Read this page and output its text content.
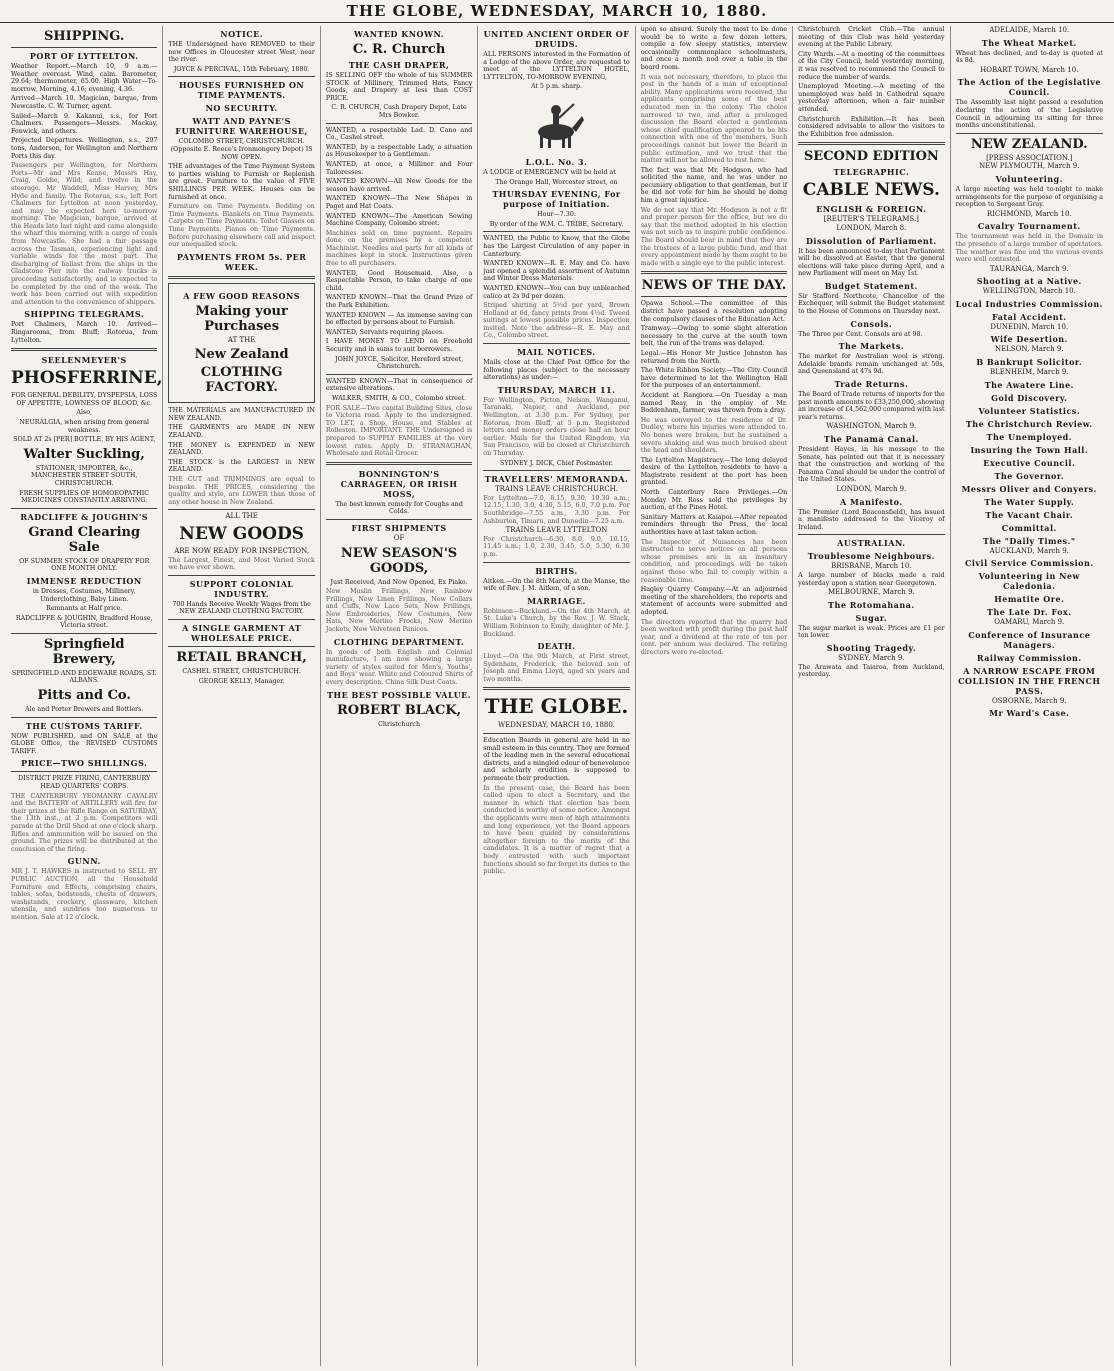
THE GLOBE, WEDNESDAY, MARCH 10, 1880.
SHIPPING.
PORT OF LYTTELTON.

Weather Report.—March 10, 9 a.m.—Weather overcast. Wind, calm. Barometer, 29.64; thermometer, 65.00. High Water—To-morrow, Morning, 4.16; evening, 4.36.

Arrived—March 10. Magician, barque, from Newcastle. C. W. Turner, agent.

Sailed—March 9. Kakanui, s.s., for Port Chalmers. Passengers—Messrs. Mackay, Fenwick, and others.

Projected Departures. Wellington, s.s., 297 tons, Anderson, for Wellington and Northern Ports this day.

Passengers per Wellington, for Northern Ports—Mr and Mrs Keane, Messrs Hay, Craig, Goldie, Wild; and twelve in the steerage. Mr Waddell, Miss Harvey, Mrs Hyde and family. The Rotorua, s.s., left Port Chalmers for Lyttelton at noon yesterday, and may be expected here to-morrow morning. The Magician, barque, arrived at the Heads late last night and came alongside the wharf this morning with a cargo of coals from Newcastle. She had a fair passage across the Tasman, experiencing light and variable winds for the most part. The discharging of ballast from the ships in the Gladstone Pier into the railway trucks is proceeding satisfactorily, and is expected to be completed by the end of the week. The work has been carried out with expedition and attention to the convenience of shippers.

SHIPPING TELEGRAMS.

Port Chalmers, March 10. Arrived—Ringarooma, from Bluff; Rotorua, from Lyttelton.

SEELENMEYER'S
PHOSFERRINE,

FOR GENERAL DEBILITY, DYSPEPSIA, LOSS OF APPETITE, LOWNESS OF BLOOD, &c.

Also,

NEURALGIA, when arising from general weakness.

SOLD AT 2s [PER] BOTTLE, BY HIS AGENT,

Walter Suckling,

STATIONER, IMPORTER, &c., MANCHESTER STREET SOUTH, CHRISTCHURCH.

FRESH SUPPLIES OF HOMOEOPATHIC MEDICINES CONSTANTLY ARRIVING.

RADCLIFFE & JOUGHIN'S
Grand Clearing Sale

OF SUMMER STOCK OF DRAPERY FOR ONE MONTH ONLY.

IMMENSE REDUCTION

in Dresses, Costumes, Millinery, Underclothing, Baby Linen.

Remnants at Half price.

RADCLIFFE & JOUGHIN, Bradford House, Victoria street.

Springfield Brewery,

SPRINGFIELD AND EDGEWARE ROADS, ST. ALBANS.

Pitts and Co.

Ale and Porter Brewers and Bottlers.

THE CUSTOMS TARIFF.

NOW PUBLISHED, and ON SALE at the GLOBE Office, the REVISED CUSTOMS TARIFF.

PRICE—TWO SHILLINGS.

DISTRICT PRIZE FIRING, CANTERBURY HEAD QUARTERS' CORPS.

THE CANTERBURY YEOMANRY CAVALRY and the BATTERY of ARTILLERY will fire for their prizes at the Rifle Range on SATURDAY, the 13th inst., at 2 p.m. Competitors will parade at the Drill Shed at one o'clock sharp. Rifles and ammunition will be issued on the ground. The prizes will be distributed at the conclusion of the firing.

GUNN.

MR J. T. HAWKES is instructed to SELL BY PUBLIC AUCTION, all the Household Furniture and Effects, comprising chairs, tables, sofas, bedsteads, chests of drawers, washstands, crockery, glassware, kitchen utensils, and sundries too numerous to mention. Sale at 12 o'clock.

NOTICE.

THE Undersigned have REMOVED to their new Offices in Gloucester street West, near the river.

JOYCE & PERCIVAL, 15th February, 1880.

HOUSES FURNISHED ON TIME PAYMENTS.
NO SECURITY.
WATT AND PAYNE'S FURNITURE WAREHOUSE,

COLOMBO STREET, CHRISTCHURCH. (Opposite E. Reece's Ironmongery Depot) IS NOW OPEN.

THE advantages of the Time Payment System to parties wishing to Furnish or Replenish are great. Furniture to the value of FIVE SHILLINGS PER WEEK. Houses can be furnished at once.

Furniture on Time Payments. Bedding on Time Payments. Blankets on Time Payments. Carpets on Time Payments. Toilet Glasses on Time Payments. Pianos on Time Payments. Before purchasing elsewhere call and inspect our unequalled stock.

PAYMENTS FROM 5s. PER WEEK.
A FEW GOOD REASONS
Making your Purchases
AT THE
New Zealand
CLOTHING FACTORY.

THE MATERIALS are MANUFACTURED IN NEW ZEALAND.

THE GARMENTS are MADE IN NEW ZEALAND.

THE MONEY is EXPENDED in NEW ZEALAND.

THE STOCK is the LARGEST in NEW ZEALAND.

THE CUT and TRIMMINGS are equal to bespoke. THE PRICES, considering the quality and style, are LOWER than those of any other house in New Zealand.

ALL THE
NEW GOODS
ARE NOW READY FOR INSPECTION,

The Largest, Finest, and Most Varied Stock we have ever shown.

SUPPORT COLONIAL INDUSTRY.

700 Hands Receive Weekly Wages from the NEW ZEALAND CLOTHING FACTORY.

A SINGLE GARMENT AT WHOLESALE PRICE.
RETAIL BRANCH,

CASHEL STREET, CHRISTCHURCH.

GEORGE KELLY, Manager.

WANTED KNOWN.
C. R. Church
THE CASH DRAPER,

IS SELLING OFF the whole of his SUMMER STOCK of Millinery, Trimmed Hats, Fancy Goods, and Drapery at less than COST PRICE.

C. R. CHURCH, Cash Drapery Depot, Late Mrs Bowker.

WANTED, a respectable Lad. D. Cano and Co., Cashel street.

WANTED, by a respectable Lady, a situation as Housekeeper to a Gentleman.

WANTED, at once, a Milliner and Four Tailoresses.

WANTED KNOWN—All New Goods for the season have arrived.

WANTED KNOWN—The New Shapes in Paget and Hat Coats.

WANTED KNOWN—The American Sewing Machine Company, Colombo street.

Machines sold on time payment. Repairs done on the premises by a competent Machinist. Needles and parts for all kinds of machines kept in stock. Instructions given free to all purchasers.

WANTED, Good Housemaid. Also, a Respectable Person, to take charge of one child.

WANTED KNOWN—That the Grand Prize of the Park Exhibition.

WANTED KNOWN — An immense saving can be effected by persons about to Furnish.

WANTED, Servants requiring places.

I HAVE MONEY TO LEND on Freehold Security and in sums to suit borrowers.

JOHN JOYCE, Solicitor, Hereford street, Christchurch.

WANTED KNOWN—That in consequence of extensive alterations.

WALKER, SMITH, & CO., Colombo street.

FOR SALE—Two capital Building Sites, close to Victoria road. Apply to the undersigned. TO LET, a Shop, House, and Stables at Rolleston. IMPORTANT. THE Undersigned is prepared to SUPPLY FAMILIES at the very lowest rates. Apply D. STRANAGHAN, Wholesale and Retail Grocer.

BONNINGTON'S CARRAGEEN, OR IRISH MOSS,

The best known remedy for Coughs and Colds.

FIRST SHIPMENTS
OF
NEW SEASON'S GOODS,

Just Received, And Now Opened, Ex Piako.

New Muslin Frillings, New Rainbow Frillings, New Linen Frillings, New Collars and Cuffs, New Lace Sets, New Frillings, New Embroideries, New Costumes, New Hats, New Merino Frocks, New Merino Jackets, New Velveteen Panicos.

CLOTHING DEPARTMENT.

In goods of both English and Colonial manufacture, I am now showing a large variety of styles suited for Men's, Youths', and Boys' wear. White and Coloured Shirts of every description. China Silk Dust Coats.

THE BEST POSSIBLE VALUE.
ROBERT BLACK,

Christchurch

UNITED ANCIENT ORDER OF DRUIDS.

ALL PERSONS interested in the Formation of a Lodge of the above Order, are requested to meet at the LYTTELTON HOTEL, LYTTELTON, TO-MORROW EVENING,

At 5 p.m. sharp.

L.O.L. No. 3.

A LODGE of EMERGENCY will be held at

The Orange Hall, Worcester street, on

THURSDAY EVENING, For purpose of Initiation.

Hour—7.30.

By order of the W.M. C. TRIBE, Secretary.

WANTED, the Public to Know, that the Globe has the Largest Circulation of any paper in Canterbury.

WANTED KNOWN—R. E. May and Co. have just opened a splendid assortment of Autumn and Winter Dress Materials.

WANTED KNOWN—You can buy unbleached calico at 2s 9d per dozen.

Striped shirting at 5½d per yard, Brown Holland at 6d, fancy prints from 4½d. Tweed suitings at lowest possible prices. Inspection invited. Note the address—R. E. May and Co., Colombo street.

MAIL NOTICES.

Mails close at the Chief Post Office for the following places (subject to the necessary alterations) as under:—

THURSDAY, MARCH 11.

For Wellington, Picton, Nelson, Wanganui, Taranaki, Napier, and Auckland, per Wellington, at 3.30 p.m. For Sydney, per Rotorua, from Bluff, at 5 p.m. Registered letters and money orders close half an hour earlier. Mails for the United Kingdom, via San Francisco, will be closed at Christchurch on Thursday.

SYDNEY J. DICK, Chief Postmaster.

TRAVELLERS' MEMORANDA.
TRAINS LEAVE CHRISTCHURCH.

For Lyttelton—7.0, 8.15, 9.30, 10.30 a.m.; 12.15, 1.30, 3.0, 4.30, 5.15, 6.0, 7.0 p.m. For Southbridge—7.55 a.m., 3.30 p.m. For Ashburton, Timaru, and Dunedin—7.25 a.m.

TRAINS LEAVE LYTTELTON

For Christchurch—6.30, 8.0, 9.0, 10.15, 11.45 a.m.; 1.0, 2.30, 3.45, 5.0, 5.30, 6.30 p.m.

BIRTHS.

Aitken.—On the 8th March, at the Manse, the wife of Rev. J. M. Aitken, of a son.

MARRIAGE.

Robinson—Buckland.—On the 4th March, at St. Luke's Church, by the Rev. J. W. Stack, William Robinson to Emily, daughter of Mr. J. Buckland.

DEATH.

Lloyd.—On the 9th March, at First street, Sydenham, Frederick, the beloved son of Joseph and Emma Lloyd, aged six years and two months.

THE GLOBE.
WEDNESDAY, MARCH 10, 1880.

Education Boards in general are held in no small esteem in this country. They are formed of the leading men in the several educational districts, and a mingled odour of benevolence and scholarly erudition is supposed to permeate their production.

In the present case, the Board has been called upon to elect a Secretary, and the manner in which that election has been conducted is worthy of some notice. Amongst the applicants were men of high attainments and long experience, yet the Board appears to have been guided by considerations altogether foreign to the merits of the candidates. It is a matter of regret that a body entrusted with such important functions should so far forget its duties to the public.

upon so absurd. Surely the most to be done would be to write a few dozen letters, compile a few sleepy statistics, interview occasionally commonplace schoolmasters, and once a month nod over a table in the board room.

It was not necessary, therefore, to place the post in the hands of a man of exceptional ability. Many applications were received, the applicants comprising some of the best educated men in the colony. The choice narrowed to two, and after a prolonged discussion the Board elected a gentleman whose chief qualification appeared to be his connection with one of the members. Such proceedings cannot but lower the Board in public estimation, and we trust that the matter will not be allowed to rest here.

The fact was that Mr. Hodgson, who had solicited the name, and he was under no pecuniary obligation to that gentleman, but if he did not vote for him he should be doing him a great injustice.

We do not say that Mr. Hodgson is not a fit and proper person for the office, but we do say that the method adopted in his election was not such as to inspire public confidence. The Board should bear in mind that they are the trustees of a large public fund, and that every appointment made by them ought to be made with a single eye to the public interest.

NEWS OF THE DAY.

Opawa School.—The committee of this district have passed a resolution adopting the compulsory clauses of the Education Act.

Tramway.—Owing to some slight alteration necessary to the curve at the south town belt, the run of the trams was delayed.

Legal.—His Honor Mr Justice Johnston has returned from the North.

The White Ribbon Society.—The City Council have determined to let the Wellington Hall for the purposes of an entertainment.

Accident at Rangiora.—On Tuesday a man named Reay, in the employ of Mr. Boddenham, farmer, was thrown from a dray.

He was conveyed to the residence of Dr. Dudley, where his injuries were attended to. No bones were broken, but he sustained a severe shaking and was much bruised about the head and shoulders.

The Lyttelton Magistracy.—The long delayed desire of the Lyttelton residents to have a Magistrate resident at the port has been granted.

North Canterbury Race Privileges.—On Monday Mr. Ross sold the privileges by auction, at the Pines Hotel.

Sanitary Matters at Kaiapoi.—After repeated reminders through the Press, the local authorities have at last taken action.

The Inspector of Nuisances has been instructed to serve notices on all persons whose premises are in an insanitary condition, and proceedings will be taken against those who fail to comply within a reasonable time.

Hagley Quarry Company.—At an adjourned meeting of the shareholders, the reports and statement of accounts were submitted and adopted.

The directors reported that the quarry had been worked with profit during the past half year, and a dividend at the rate of ten per cent. per annum was declared. The retiring directors were re-elected.

Christchurch Cricket Club.—The annual meeting of this Club was held yesterday evening at the Public Library.

City Wards.—At a meeting of the committees of the City Council, held yesterday morning, it was resolved to recommend the Council to reduce the number of wards.

Unemployed Meeting.—A meeting of the unemployed was held in Cathedral square yesterday afternoon, when a fair number attended.

Christchurch Exhibition.—It has been considered advisable to allow the visitors to the Exhibition free admission.

SECOND EDITION
TELEGRAPHIC.
CABLE NEWS.
ENGLISH & FOREIGN.
[REUTER'S TELEGRAMS.]
LONDON, March 8.
Dissolution of Parliament.

It has been announced to-day that Parliament will be dissolved at Easter, that the general elections will take place during April, and a new Parliament will meet on May 1st.

Budget Statement.

Sir Stafford Northcote, Chancellor of the Exchequer, will submit the Budget statement to the House of Commons on Thursday next.

Consols.

The Three per Cent. Consols are at 98.

The Markets.

The market for Australian wool is strong. Adelaide brands remain unchanged at 50s, and Queensland at 47s 9d.

Trade Returns.

The Board of Trade returns of imports for the past month amounts to £33,250,000, showing an increase of £4,562,000 compared with last year's returns.

WASHINGTON, March 9.
The Panama Canal.

President Hayes, in his message to the Senate, has pointed out that it is necessary that the construction and working of the Panama Canal should be under the control of the United States.

LONDON, March 9.
A Manifesto.

The Premier (Lord Beaconsfield), has issued a manifesto addressed to the Viceroy of Ireland.

AUSTRALIAN.
Troublesome Neighbours.
BRISBANE, March 10.

A large number of blacks made a raid yesterday upon a station near Georgetown.

MELBOURNE, March 9.
The Rotomahana.
Sugar.

The sugar market is weak. Prices are £1 per ton lower.

Shooting Tragedy.
SYDNEY, March 9.

The Arawata and Taiaroa, from Auckland, yesterday.

ADELAIDE, March 10.
The Wheat Market.

Wheat has declined, and to-day is quoted at 4s 8d.

HOBART TOWN, March 10.
The Action of the Legislative Council.

The Assembly last night passed a resolution declaring the action of the Legislative Council in adjourning its sitting for three months unconstitutional.

NEW ZEALAND.
[PRESS ASSOCIATION.]
NEW PLYMOUTH, March 9.
Volunteering.

A large meeting was held to-night to make arrangements for the purpose of organising a reception to Sergeant Gray.

RICHMOND, March 10.
Cavalry Tournament.

The tournament was held in the Domain in the presence of a large number of spectators. The weather was fine and the various events were well contested.

TAURANGA, March 9.
Shooting at a Native.
WELLINGTON, March 10.
Local Industries Commission.
Fatal Accident.
DUNEDIN, March 10.
Wife Desertion.
NELSON, March 9.
B Bankrupt Solicitor.
BLENHEIM, March 9.
The Awatere Line.
Gold Discovery.
Volunteer Statistics.
The Christchurch Review.
The Unemployed.
Insuring the Town Hall.
Executive Council.
The Governor.
Messrs Oliver and Conyers.
The Water Supply.
The Vacant Chair.
Committal.
The "Daily Times."
AUCKLAND, March 9.
Civil Service Commission.
Volunteering in New Caledonia.
Hematite Ore.
The Late Dr. Fox.
OAMARU, March 9.
Conference of Insurance Managers.
Railway Commission.
A NARROW ESCAPE FROM COLLISION IN THE FRENCH PASS.
OSBORNE, March 9.
Mr Ward's Case.
